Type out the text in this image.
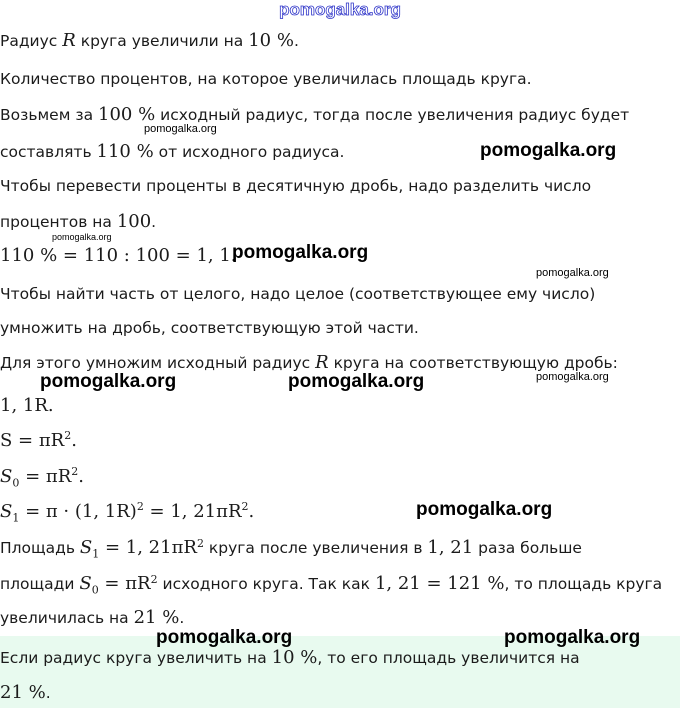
pomogalka.org
Радиус R круга увеличили на 10 %.
Количество процентов, на которое увеличилась площадь круга.
Возьмем за 100 % исходный радиус, тогда после увеличения радиус будет
составлять 110 % от исходного радиуса.
Чтобы перевести проценты в десятичную дробь, надо разделить число
процентов на 100.
110 % = 110 : 100 = 1, 1.
Чтобы найти часть от целого, надо целое (соответствующее ему число)
умножить на дробь, соответствующую этой части.
Для этого умножим исходный радиус R круга на соответствующую дробь:
1, 1R.
$S = \pi R^2$.
$S_0 = \pi R^2$.
$S_1 = \pi \cdot (1$, 1R)$^2$ = 1, $21\pi R^2$.
Площадь $S_1 = 1$, $21\pi R^2$ круга после увеличения в 1, 21 раза больше
площади $S_0 = \pi R^2$ исходного круга. Так как 1, 21 = 121 %, то площадь круга
увеличилась на 21 %.
Если радиус круга увеличить на 10 %, то его площадь увеличится на
21 %.
pomogalka.org
pomogalka.org
pomogalka.org
pomogalka.org
pomogalka.org
pomogalka.org	pomogalka.org	pomogalka.org
pomogalka.org
pomogalka.org	pomogalka.org
